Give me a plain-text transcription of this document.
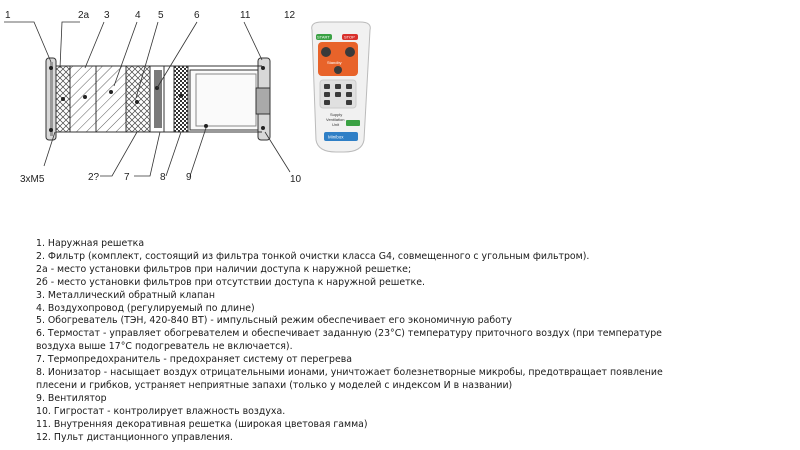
1	2a 3	4 5	6	11	12
3xM5	2? 7	8 9	10
START	STOP
Standby
Supply
Ventilation
Unit
Minibox
1. Наружная решетка
2. Фильтр (комплект, состоящий из фильтра тонкой очистки класса G4, совмещенного с угольным фильтром).
2а - место установки фильтров при наличии доступа к наружной решетке;
2б - место установки фильтров при отсутствии доступа к наружной решетке.
3. Металлический обратный клапан
4. Воздухопровод (регулируемый по длине)
5. Обогреватель (ТЭН, 420-840 ВТ) - импульсный режим обеспечивает его экономичную работу
6. Термостат - управляет обогревателем и обеспечивает заданную (23°С) температуру приточного воздух (при температуре
воздуха выше 17°С подогреватель не включается).
7. Термопредохранитель - предохраняет систему от перегрева
8. Ионизатор - насыщает воздух отрицательными ионами, уничтожает болезнетворные микробы, предотвращает появление
плесени и грибков, устраняет неприятные запахи (только у моделей с индексом И в названии)
9. Вентилятор
10. Гигростат - контролирует влажность воздуха.
11. Внутренняя декоративная решетка (широкая цветовая гамма)
12. Пульт дистанционного управления.
